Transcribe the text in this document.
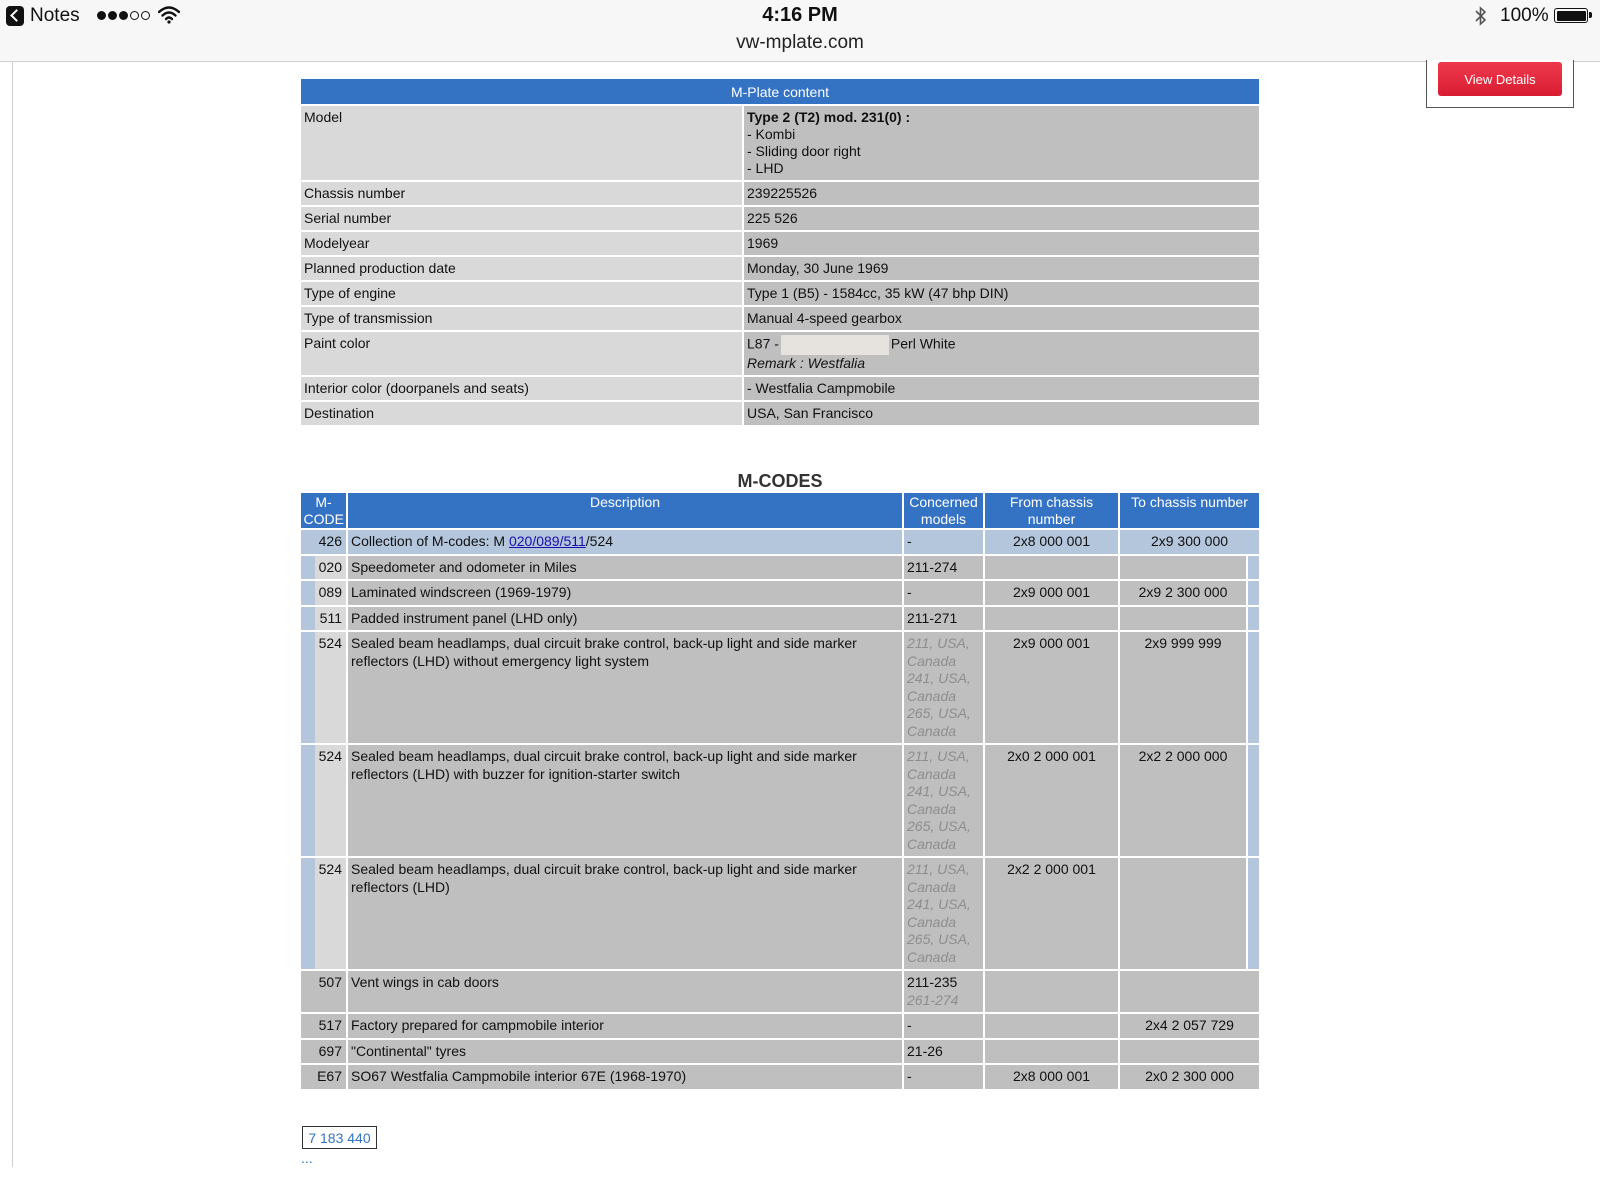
Notes	4:16 PM
vw-mplate.com
100%
View Details
M-Plate content	
Model	Type 2 (T2) mod. 231(0) :
- Kombi
- Sliding door right
- LHD

Chassis number	239225526
Serial number	225 526
Modelyear	1969
Planned production date	Monday, 30 June 1969
Type of engine	Type 1 (B5) - 1584cc, 35 kW (47 bhp DIN)
Type of transmission	Manual 4-speed gearbox
Paint color	L87 - Perl White
Remark : Westfalia

Interior color (doorpanels and seats)	- Westfalia Campmobile
Destination	USA, San Francisco
M-CODES
M-CODE		Description	Concerned models	From chassis number	To chassis number	
426		Collection of M-codes: M 020/089/511/524	-	2x8 000 001	2x9 300 000	
	020	Speedometer and odometer in Miles	211-274			

	089	Laminated windscreen (1969-1979)	-	2x9 000 001	2x9 2 300 000	
	511	Padded instrument panel (LHD only)	211-271			

	524	Sealed beam headlamps, dual circuit brake control, back-up light and side marker reflectors (LHD) without emergency light system	211, USA, Canada 241, USA, Canada 265, USA, Canada	2x9 000 001	2x9 999 999	
	524	Sealed beam headlamps, dual circuit brake control, back-up light and side marker reflectors (LHD) with buzzer for ignition-starter switch	211, USA, Canada 241, USA, Canada 265, USA, Canada	2x0 2 000 001	2x2 2 000 000	
	524	Sealed beam headlamps, dual circuit brake control, back-up light and side marker reflectors (LHD)	211, USA, Canada 241, USA, Canada 265, USA, Canada	2x2 2 000 001		
507		Vent wings in cab doors	211-235
261-274			

517		Factory prepared for campmobile interior	-		2x4 2 057 729	
697		"Continental" tyres	21-26			

E67		SO67 Westfalia Campmobile interior 67E (1968-1970)	-	2x8 000 001	2x0 2 300 000	
7 183 440
...
